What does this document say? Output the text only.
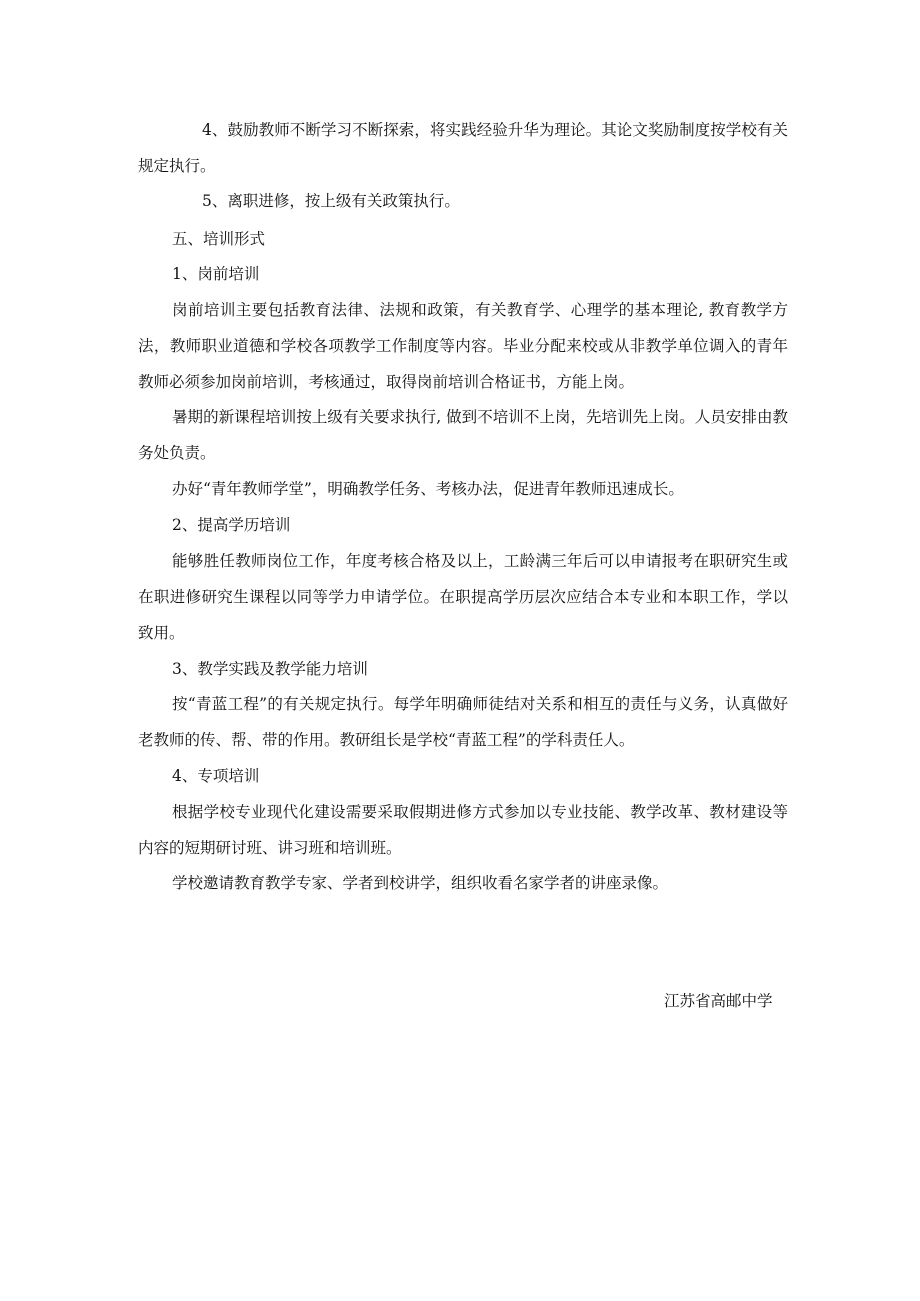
4、鼓励教师不断学习不断探索，将实践经验升华为理论。其论文奖励制度按学校有关规定执行。

5、离职进修，按上级有关政策执行。

五、培训形式

1、岗前培训

岗前培训主要包括教育法律、法规和政策，有关教育学、心理学的基本理论, 教育教学方法，教师职业道德和学校各项教学工作制度等内容。毕业分配来校或从非教学单位调入的青年教师必须参加岗前培训，考核通过，取得岗前培训合格证书，方能上岗。

暑期的新课程培训按上级有关要求执行, 做到不培训不上岗，先培训先上岗。人员安排由教务处负责。

办好“青年教师学堂”，明确教学任务、考核办法，促进青年教师迅速成长。

2、提高学历培训

能够胜任教师岗位工作，年度考核合格及以上，工龄满三年后可以申请报考在职研究生或在职进修研究生课程以同等学力申请学位。在职提高学历层次应结合本专业和本职工作，学以致用。

3、教学实践及教学能力培训

按“青蓝工程”的有关规定执行。每学年明确师徒结对关系和相互的责任与义务，认真做好老教师的传、帮、带的作用。教研组长是学校“青蓝工程”的学科责任人。

4、专项培训

根据学校专业现代化建设需要采取假期进修方式参加以专业技能、教学改革、教材建设等内容的短期研讨班、讲习班和培训班。

学校邀请教育教学专家、学者到校讲学，组织收看名家学者的讲座录像。

江苏省高邮中学
